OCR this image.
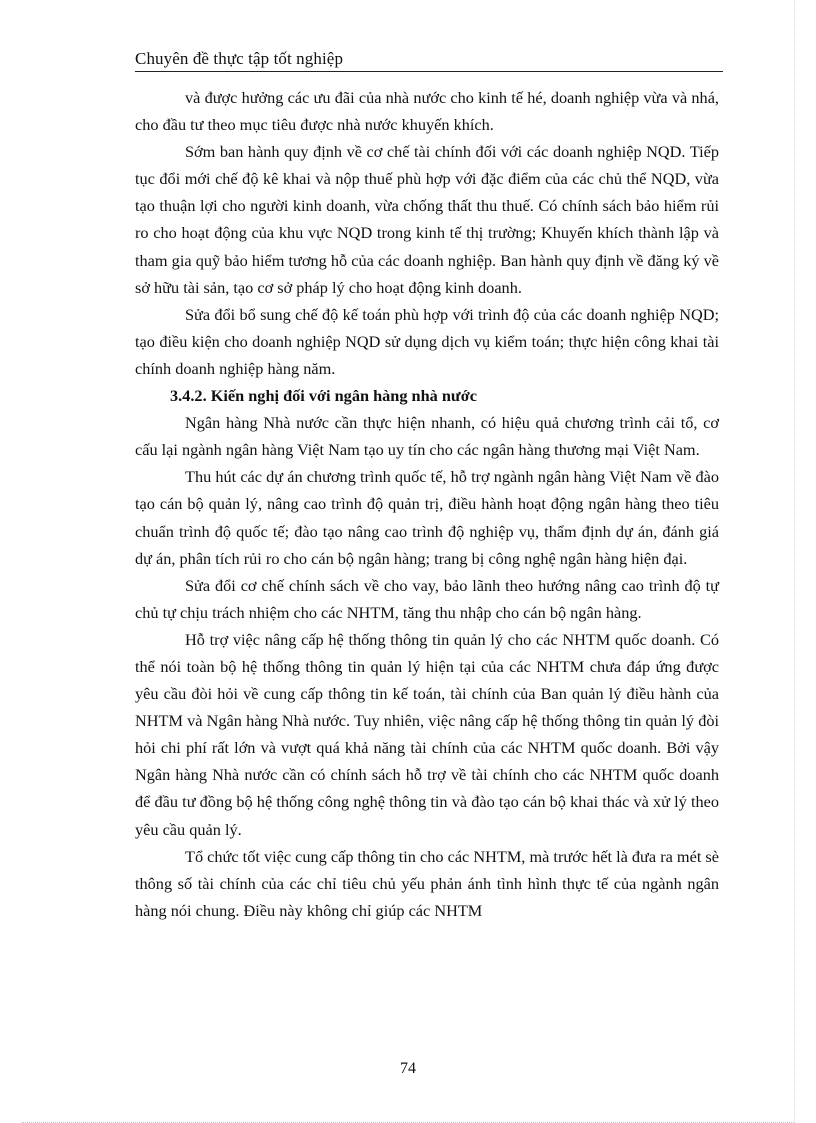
Chuyên đề thực tập tốt nghiệp

và được hưởng các ưu đãi của nhà nước cho kinh tế hé, doanh nghiệp vừa và nhá, cho đầu tư theo mục tiêu được nhà nước khuyến khích.

Sớm ban hành quy định về cơ chế tài chính đối với các doanh nghiệp NQD. Tiếp tục đổi mới chế độ kê khai và nộp thuế phù hợp với đặc điểm của các chủ thể NQD, vừa tạo thuận lợi cho người kinh doanh, vừa chống thất thu thuế. Có chính sách bảo hiểm rủi ro cho hoạt động của khu vực NQD trong kinh tế thị trường; Khuyến khích thành lập và tham gia quỹ bảo hiểm tương hỗ của các doanh nghiệp. Ban hành quy định về đăng ký về sở hữu tài sản, tạo cơ sở pháp lý cho hoạt động kinh doanh.

Sửa đổi bổ sung chế độ kế toán phù hợp với trình độ của các doanh nghiệp NQD; tạo điều kiện cho doanh nghiệp NQD sử dụng dịch vụ kiểm toán; thực hiện công khai tài chính doanh nghiệp hàng năm.

3.4.2. Kiến nghị đối với ngân hàng nhà nước

Ngân hàng Nhà nước cần thực hiện nhanh, có hiệu quả chương trình cải tổ, cơ cấu lại ngành ngân hàng Việt Nam tạo uy tín cho các ngân hàng thương mại Việt Nam.

Thu hút các dự án chương trình quốc tế, hỗ trợ ngành ngân hàng Việt Nam về đào tạo cán bộ quản lý, nâng cao trình độ quản trị, điều hành hoạt động ngân hàng theo tiêu chuẩn trình độ quốc tế; đào tạo nâng cao trình độ nghiệp vụ, thẩm định dự án, đánh giá dự án, phân tích rủi ro cho cán bộ ngân hàng; trang bị công nghệ ngân hàng hiện đại.

Sửa đổi cơ chế chính sách về cho vay, bảo lãnh theo hướng nâng cao trình độ tự chủ tự chịu trách nhiệm cho các NHTM, tăng thu nhập cho cán bộ ngân hàng.

Hỗ trợ việc nâng cấp hệ thống thông tin quản lý cho các NHTM quốc doanh. Có thể nói toàn bộ hệ thống thông tin quản lý hiện tại của các NHTM chưa đáp ứng được yêu cầu đòi hỏi về cung cấp thông tin kế toán, tài chính của Ban quản lý điều hành của NHTM và Ngân hàng Nhà nước. Tuy nhiên, việc nâng cấp hệ thống thông tin quản lý đòi hỏi chi phí rất lớn và vượt quá khả năng tài chính của các NHTM quốc doanh. Bởi vậy Ngân hàng Nhà nước cần có chính sách hỗ trợ về tài chính cho các NHTM quốc doanh để đầu tư đồng bộ hệ thống công nghệ thông tin và đào tạo cán bộ khai thác và xử lý theo yêu cầu quản lý.

Tổ chức tốt việc cung cấp thông tin cho các NHTM, mà trước hết là đưa ra mét sè thông số tài chính của các chỉ tiêu chủ yếu phản ánh tình hình thực tế của ngành ngân hàng nói chung. Điều này không chỉ giúp các NHTM

74
